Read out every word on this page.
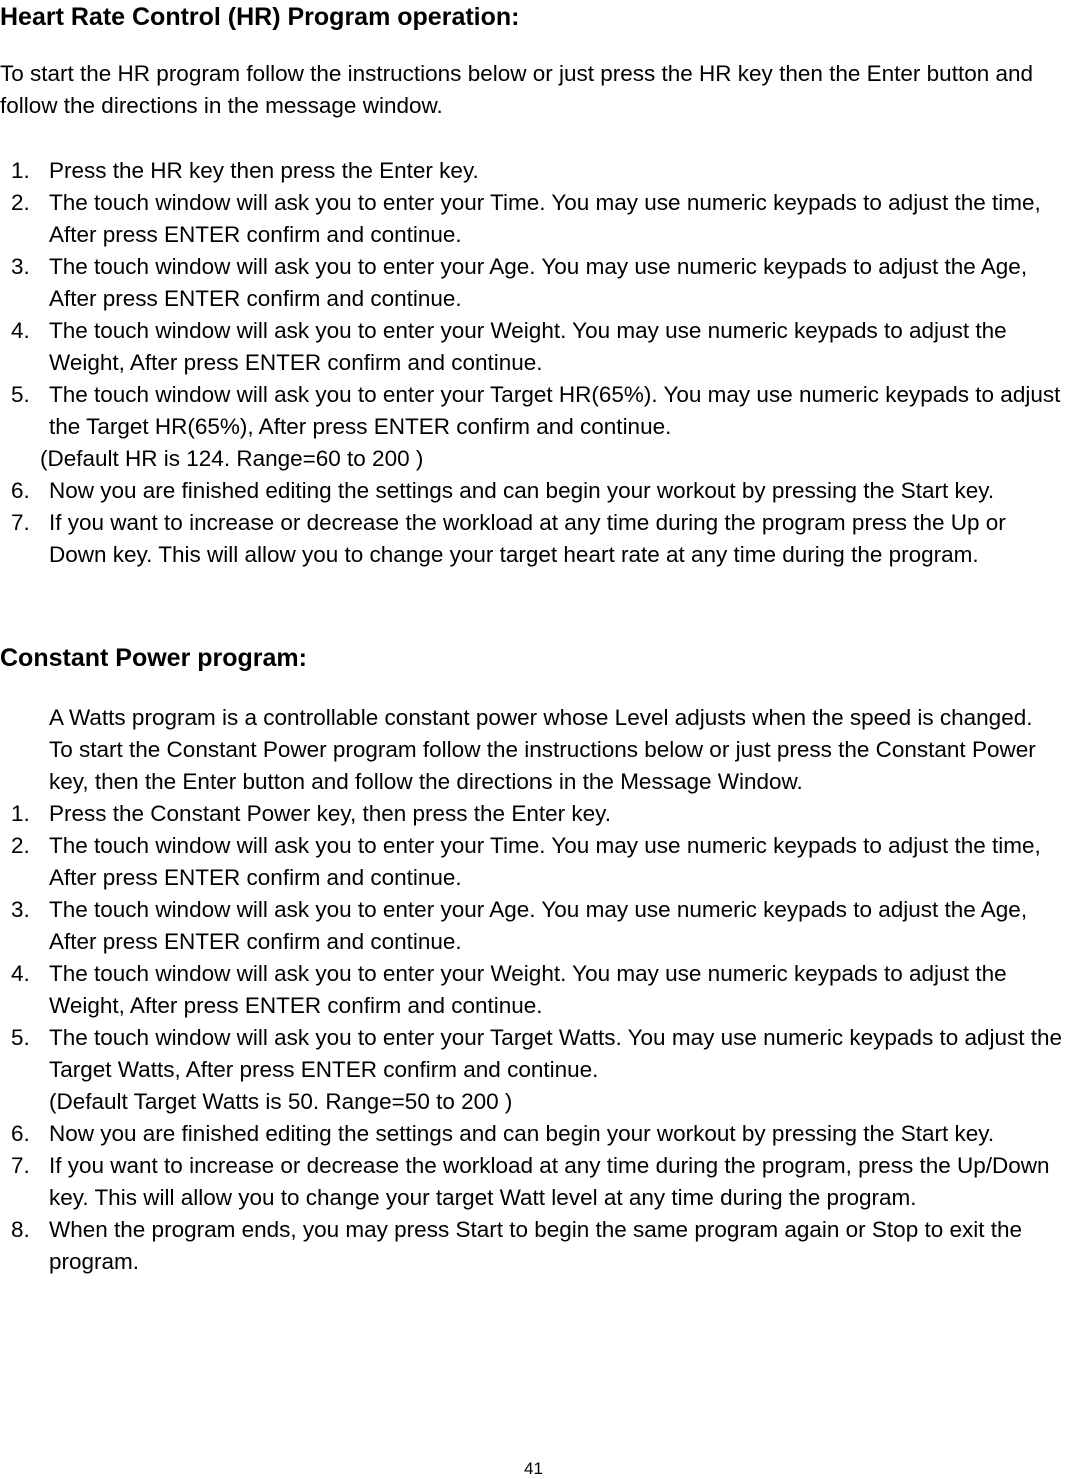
Heart Rate Control (HR) Program operation:
To start the HR program follow the instructions below or just press the HR key then the Enter button and follow the directions in the message window.
1. Press the HR key then press the Enter key.
2. The touch window will ask you to enter your Time. You may use numeric keypads to adjust the time, After press ENTER confirm and continue.
3. The touch window will ask you to enter your Age. You may use numeric keypads to adjust the Age, After press ENTER confirm and continue.
4. The touch window will ask you to enter your Weight. You may use numeric keypads to adjust the Weight, After press ENTER confirm and continue.
5. The touch window will ask you to enter your Target HR(65%). You may use numeric keypads to adjust the Target HR(65%), After press ENTER confirm and continue.
(Default HR is 124. Range=60 to 200 )
6. Now you are finished editing the settings and can begin your workout by pressing the Start key.
7. If you want to increase or decrease the workload at any time during the program press the Up or Down key. This will allow you to change your target heart rate at any time during the program.
Constant Power program:
A Watts program is a controllable constant power whose Level adjusts when the speed is changed. To start the Constant Power program follow the instructions below or just press the Constant Power key, then the Enter button and follow the directions in the Message Window.
1. Press the Constant Power key, then press the Enter key.
2. The touch window will ask you to enter your Time. You may use numeric keypads to adjust the time, After press ENTER confirm and continue.
3. The touch window will ask you to enter your Age. You may use numeric keypads to adjust the Age, After press ENTER confirm and continue.
4. The touch window will ask you to enter your Weight. You may use numeric keypads to adjust the Weight, After press ENTER confirm and continue.
5. The touch window will ask you to enter your Target Watts. You may use numeric keypads to adjust the Target Watts, After press ENTER confirm and continue.
(Default Target Watts is 50. Range=50 to 200 )
6. Now you are finished editing the settings and can begin your workout by pressing the Start key.
7. If you want to increase or decrease the workload at any time during the program, press the Up/Down key. This will allow you to change your target Watt level at any time during the program.
8. When the program ends, you may press Start to begin the same program again or Stop to exit the program.
41
